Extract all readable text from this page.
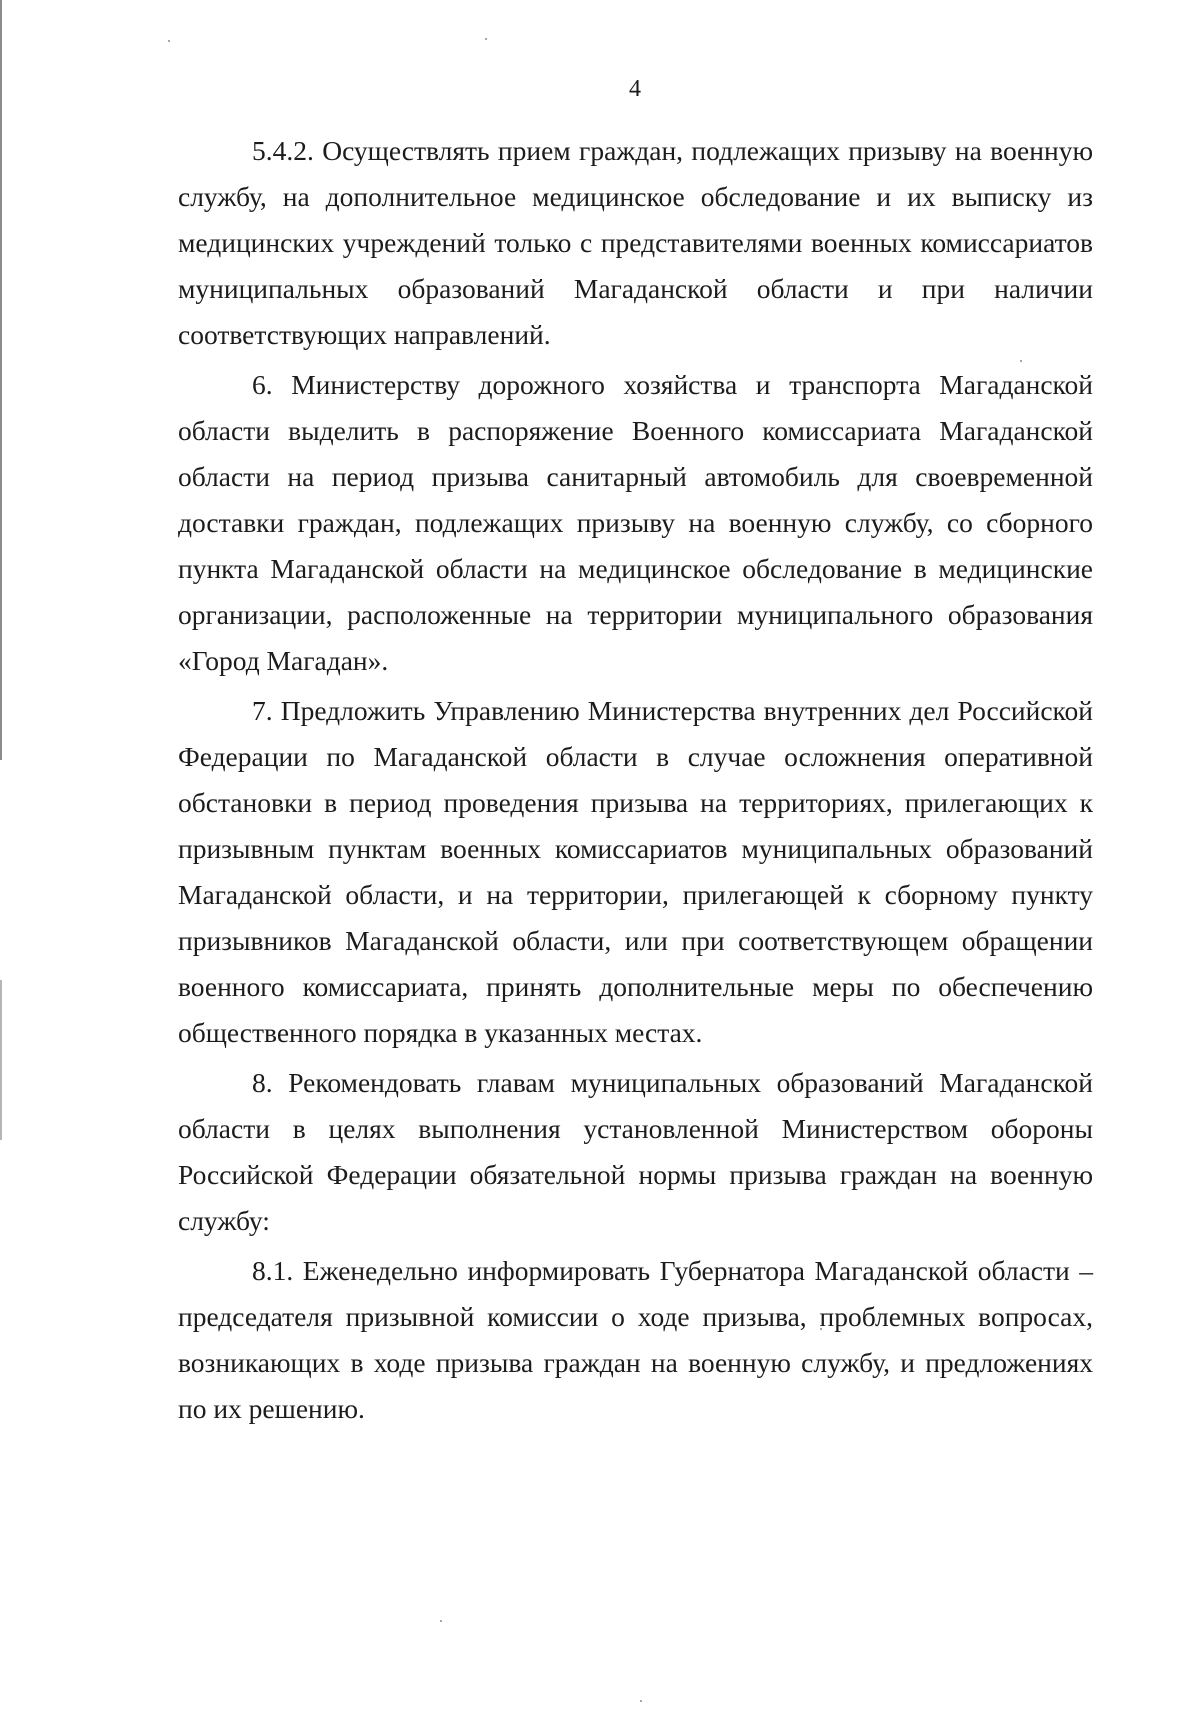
4

5.4.2. Осуществлять прием граждан, подлежащих призыву на военную службу, на дополнительное медицинское обследование и их выписку из медицинских учреждений только с представителями военных комиссариатов муниципальных образований Магаданской области и при наличии соответствующих направлений.

6. Министерству дорожного хозяйства и транспорта Магаданской области выделить в распоряжение Военного комиссариата Магаданской области на период призыва санитарный автомобиль для своевременной доставки граждан, подлежащих призыву на военную службу, со сборного пункта Магаданской области на медицинское обследование в медицинские организации, расположенные на территории муниципального образования «Город Магадан».

7. Предложить Управлению Министерства внутренних дел Российской Федерации по Магаданской области в случае осложнения оперативной обстановки в период проведения призыва на территориях, прилегающих к призывным пунктам военных комиссариатов муниципальных образований Магаданской области, и на территории, прилегающей к сборному пункту призывников Магаданской области, или при соответствующем обращении военного комиссариата, принять дополнительные меры по обеспечению общественного порядка в указанных местах.

8. Рекомендовать главам муниципальных образований Магаданской области в целях выполнения установленной Министерством обороны Российской Федерации обязательной нормы призыва граждан на военную службу:

8.1. Еженедельно информировать Губернатора Магаданской области – председателя призывной комиссии о ходе призыва, проблемных вопросах, возникающих в ходе призыва граждан на военную службу, и предложениях по их решению.
